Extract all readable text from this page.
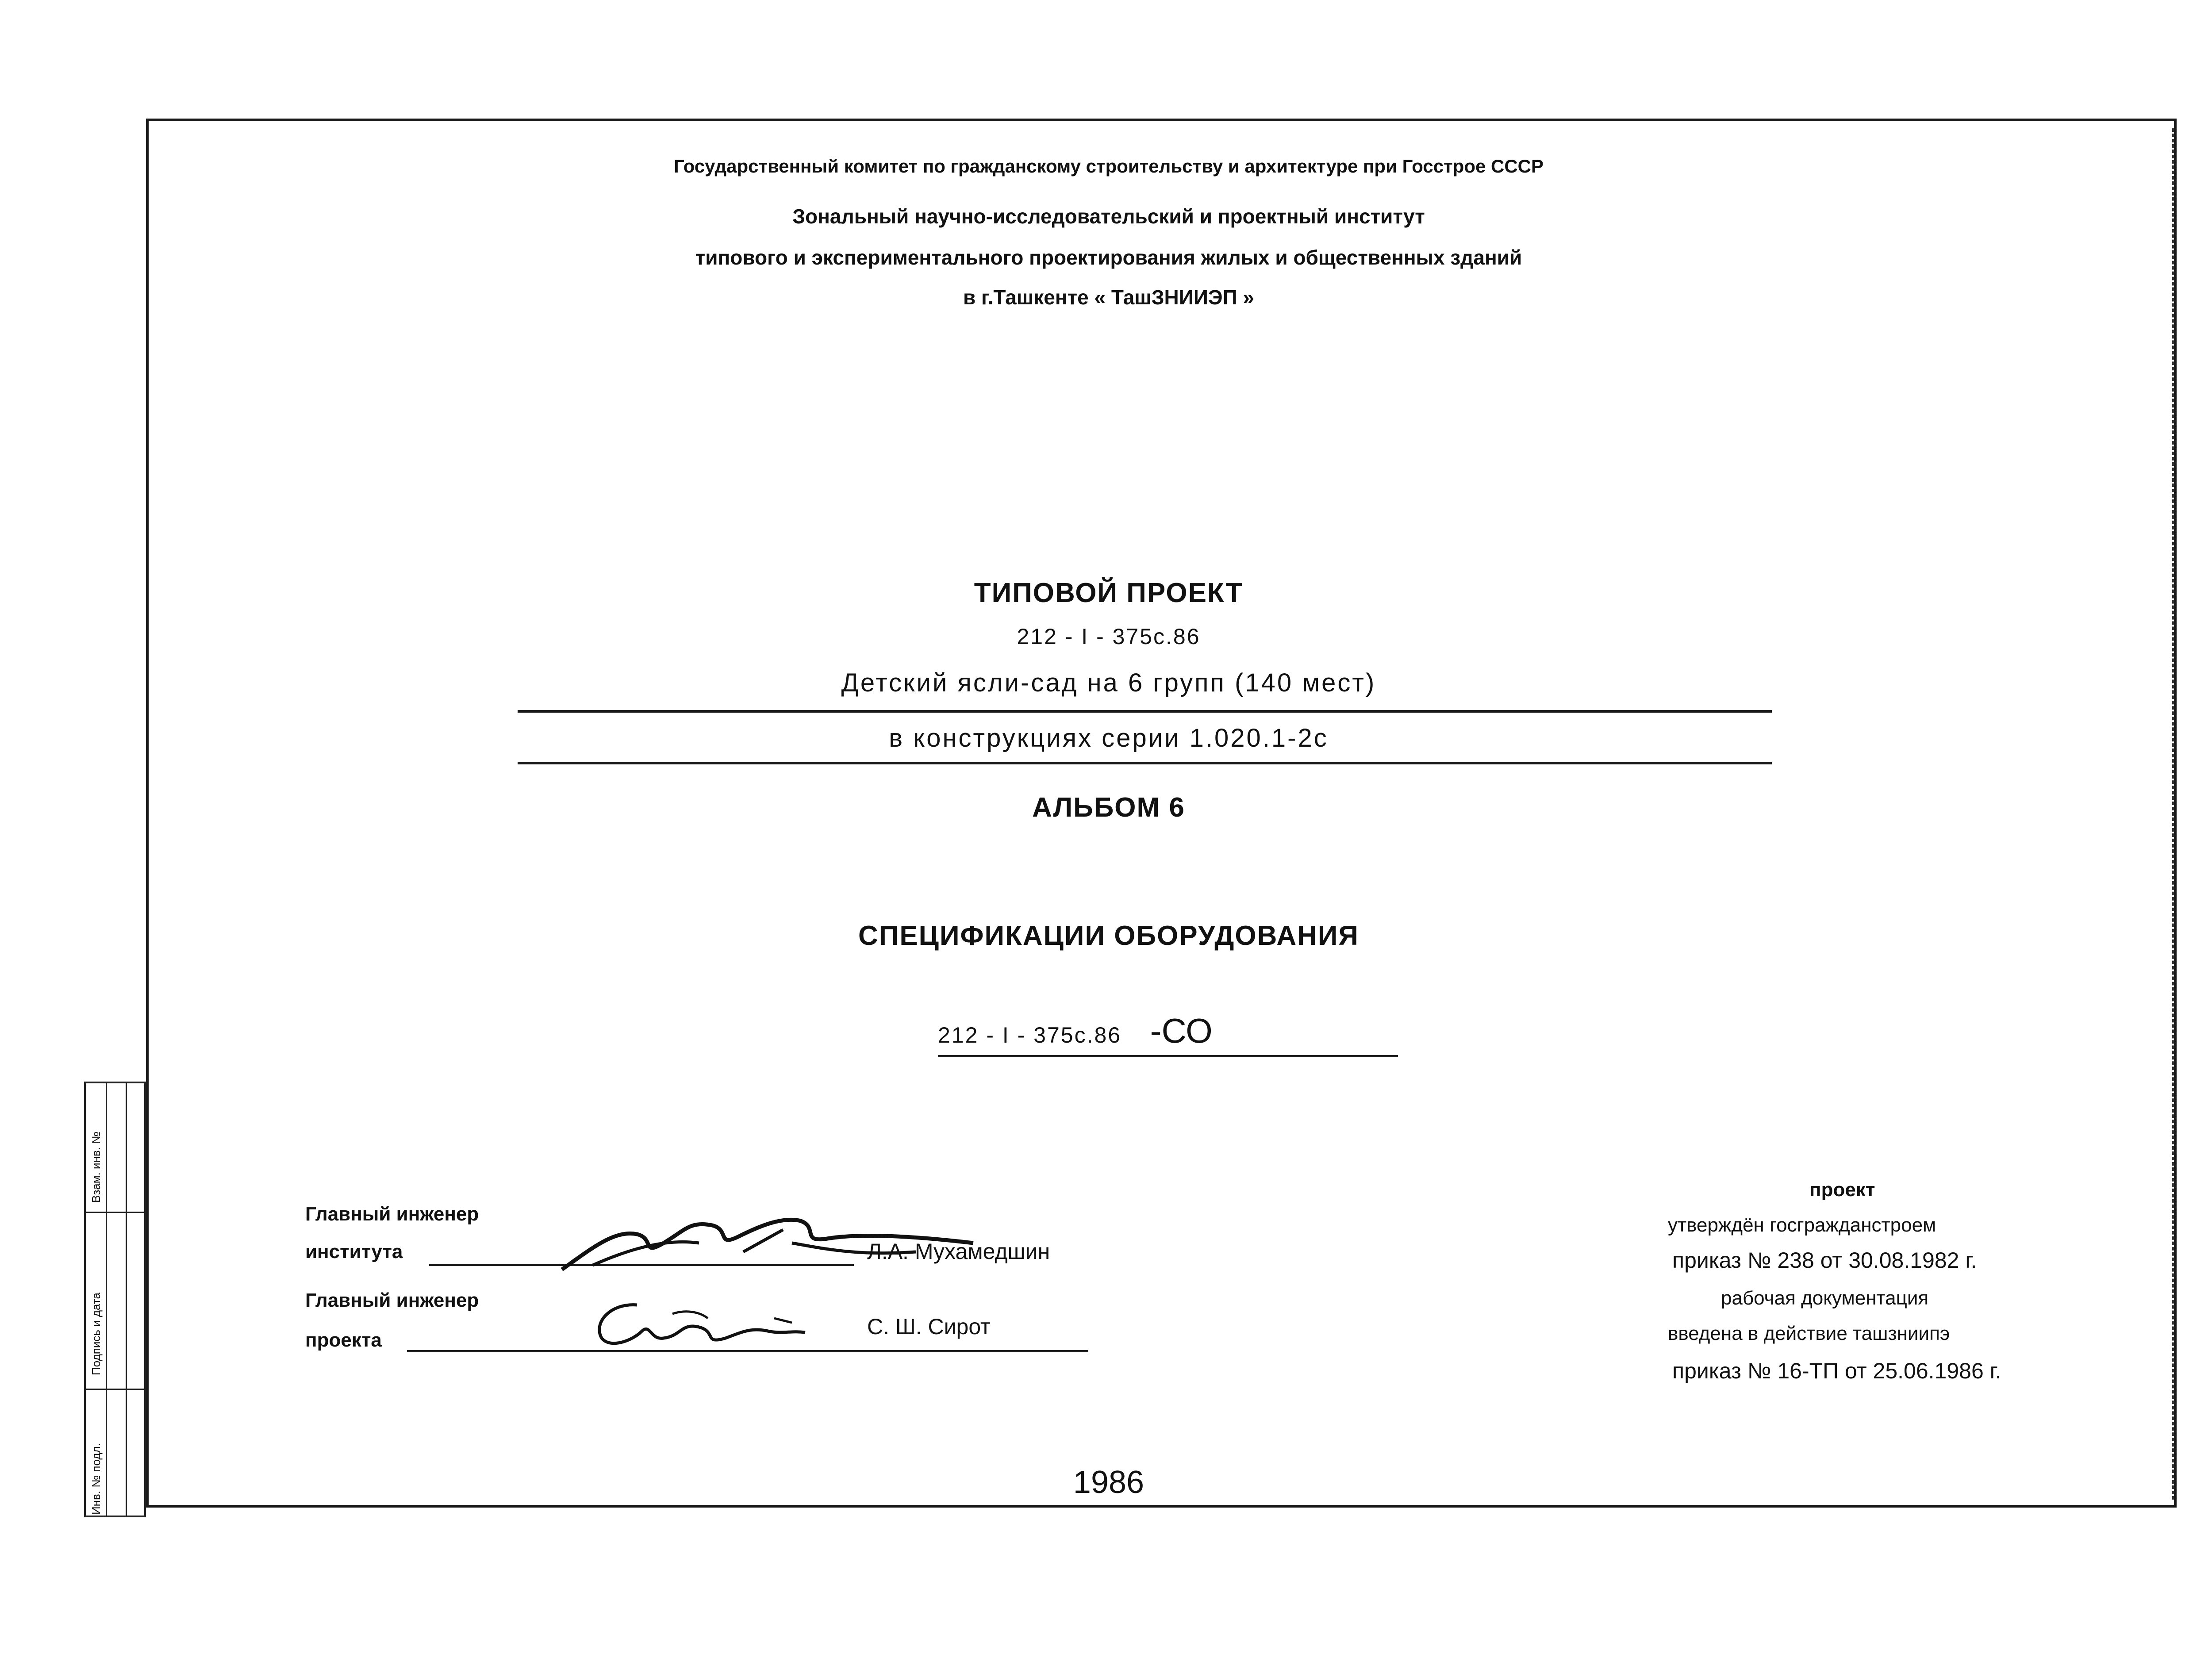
Государственный комитет по гражданскому строительству и архитектуре при Госстрое СССР
Зональный научно-исследовательский и проектный институт
типового и экспериментального проектирования жилых и общественных зданий
в г.Ташкенте « ТашЗНИИЭП »
ТИПОВОЙ ПРОЕКТ
212 - I - 375с.86
Детский ясли-сад на 6 групп (140 мест)
в конструкциях серии 1.020.1-2с
АЛЬБОМ 6
СПЕЦИФИКАЦИИ ОБОРУДОВАНИЯ
212 - I - 375с.86 -СО
Главный инженер
института	Л.А. Мухамедшин
Главный инженер
проекта
С. Ш. Сирот
проект
утверждён госгражданстроем
приказ № 238 от 30.08.1982 г.
рабочая документация
введена в действие ташзниипэ
приказ № 16-ТП от 25.06.1986 г.
Инв. № подл.
Подпись и дата
Взам. инв. №
1986
